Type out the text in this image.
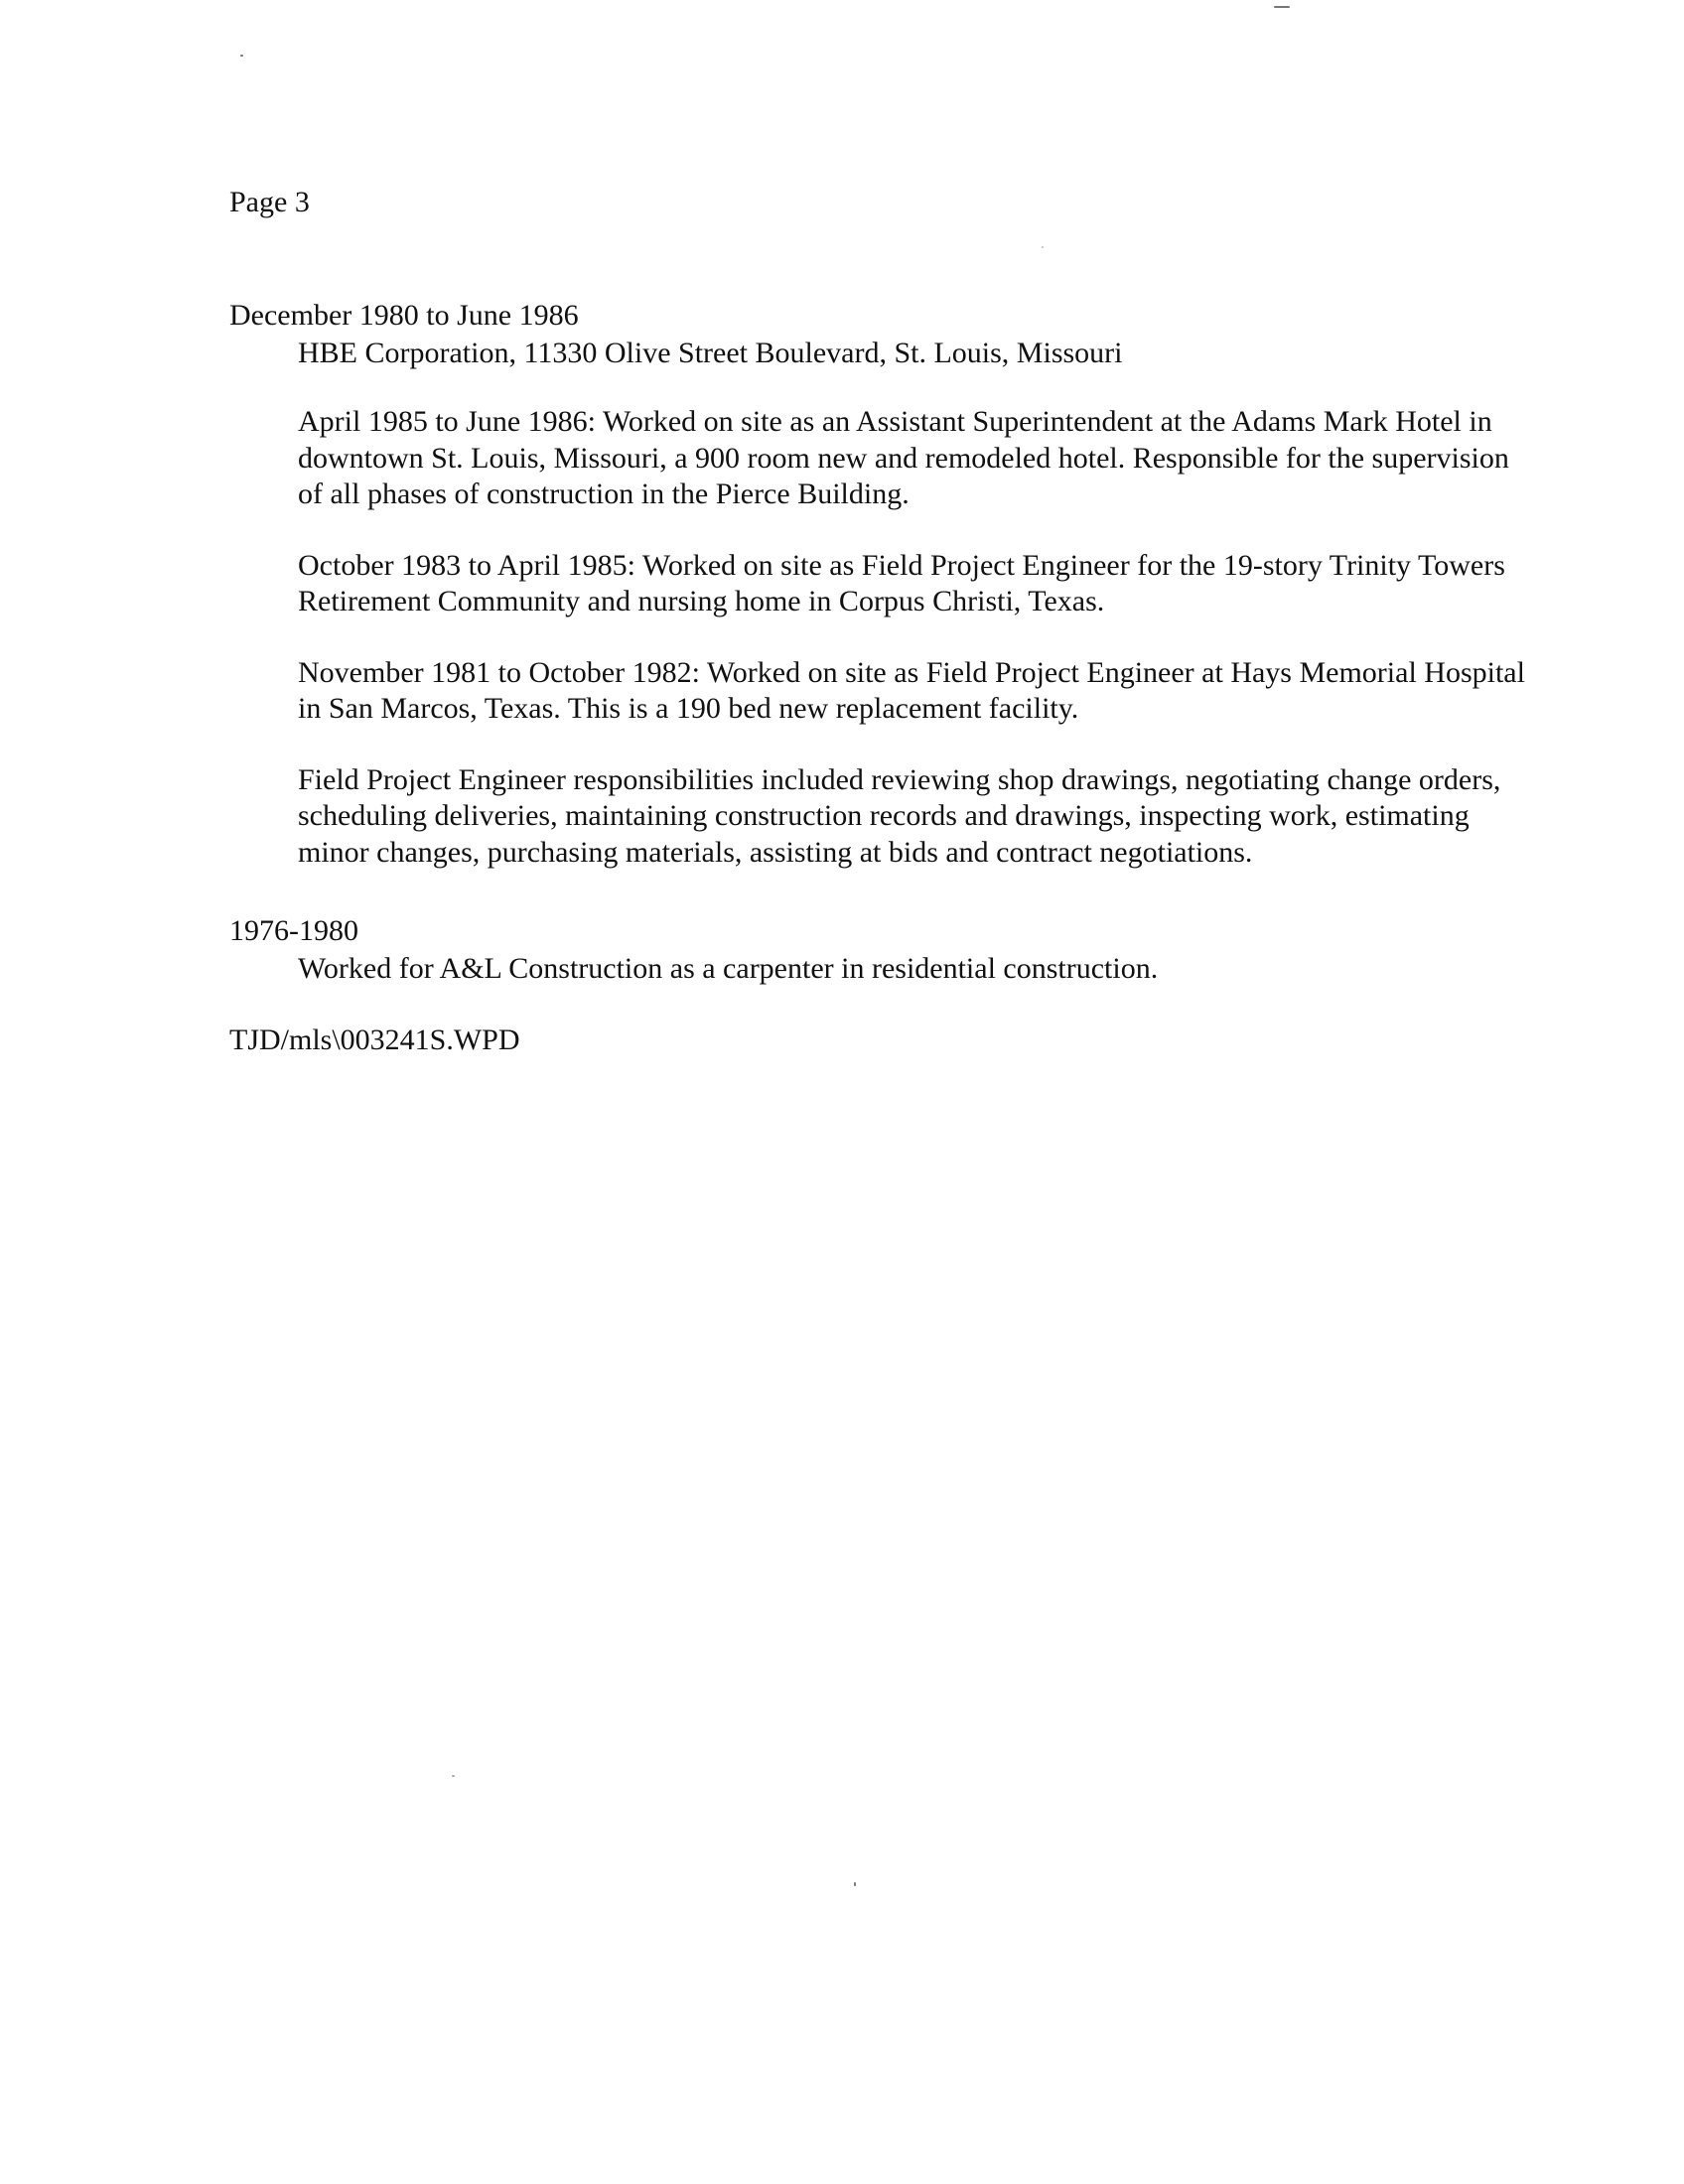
Page 3

December 1980 to June 1986

HBE Corporation, 11330 Olive Street Boulevard, St. Louis, Missouri

April 1985 to June 1986: Worked on site as an Assistant Superintendent at the Adams Mark Hotel in downtown St. Louis, Missouri, a 900 room new and remodeled hotel. Responsible for the supervision of all phases of construction in the Pierce Building.

October 1983 to April 1985: Worked on site as Field Project Engineer for the 19-story Trinity Towers Retirement Community and nursing home in Corpus Christi, Texas.

November 1981 to October 1982: Worked on site as Field Project Engineer at Hays Memorial Hospital in San Marcos, Texas. This is a 190 bed new replacement facility.

Field Project Engineer responsibilities included reviewing shop drawings, negotiating change orders, scheduling deliveries, maintaining construction records and drawings, inspecting work, estimating minor changes, purchasing materials, assisting at bids and contract negotiations.

1976-1980

Worked for A&L Construction as a carpenter in residential construction.

TJD/mls\003241S.WPD
